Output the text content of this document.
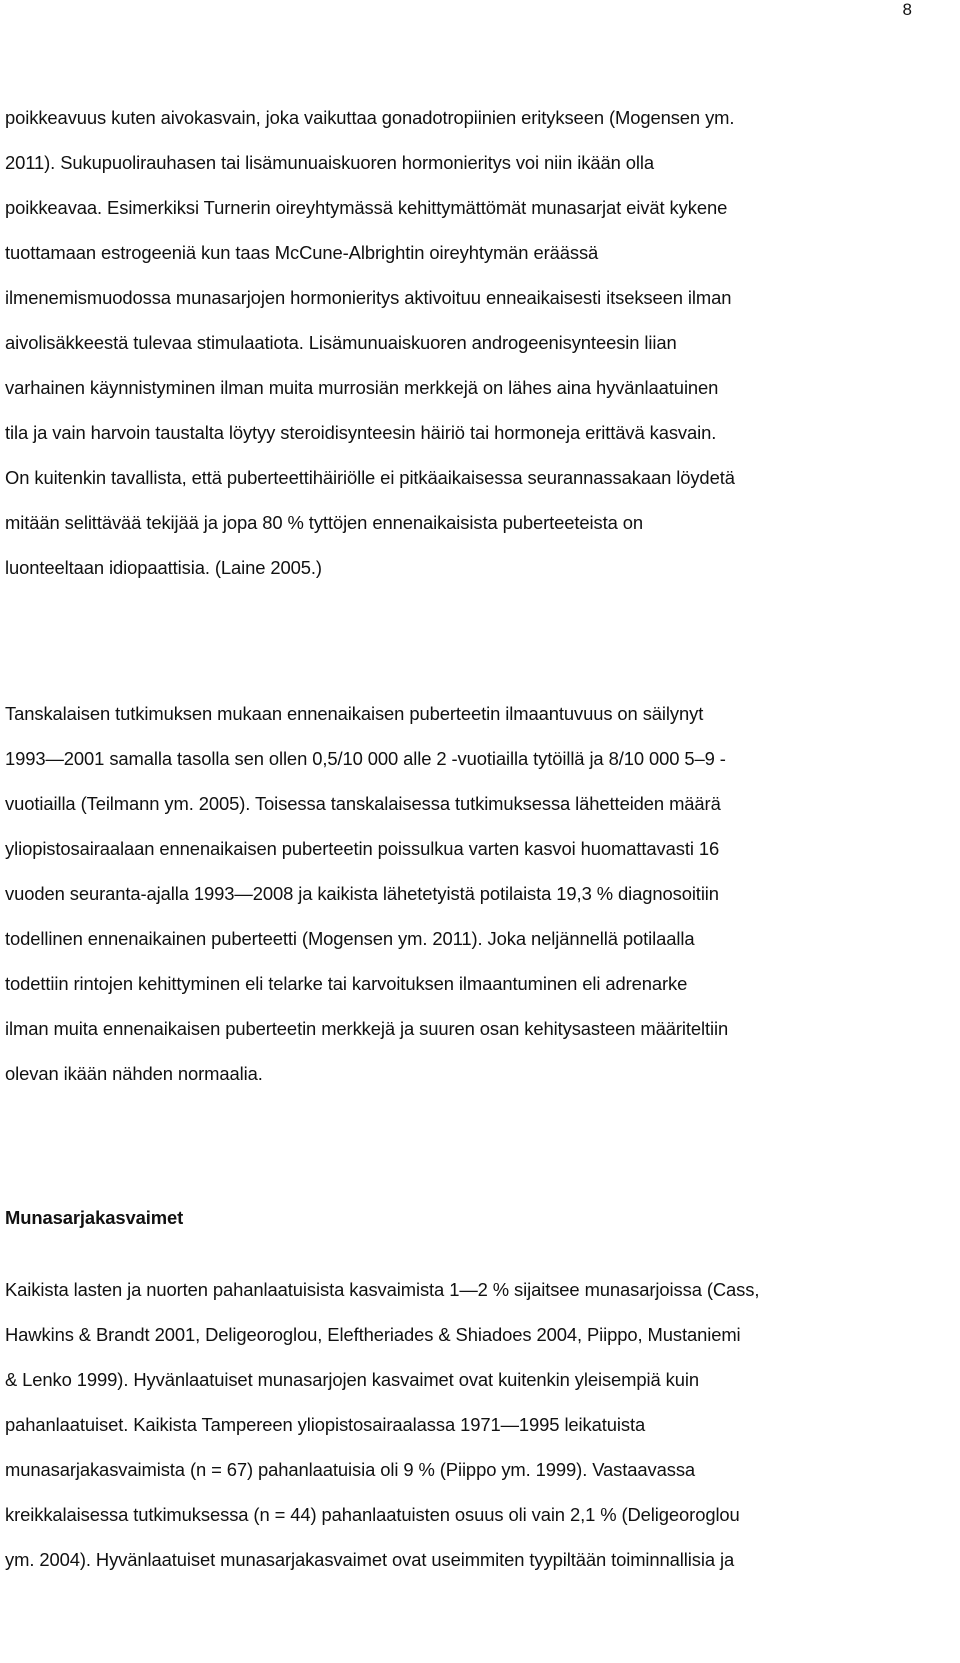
8
poikkeavuus kuten aivokasvain, joka vaikuttaa gonadotropiinien eritykseen (Mogensen ym.
2011). Sukupuolirauhasen tai lisämunuaiskuoren hormonieritys voi niin ikään olla
poikkeavaa. Esimerkiksi Turnerin oireyhtymässä kehittymättömät munasarjat eivät kykene
tuottamaan estrogeeniä kun taas McCune-Albrightin oireyhtymän eräässä
ilmenemismuodossa munasarjojen hormonieritys aktivoituu enneaikaisesti itsekseen ilman
aivolisäkkeestä tulevaa stimulaatiota. Lisämunuaiskuoren androgeenisynteesin liian
varhainen käynnistyminen ilman muita murrosiän merkkejä on lähes aina hyvänlaatuinen
tila ja vain harvoin taustalta löytyy steroidisynteesin häiriö tai hormoneja erittävä kasvain.
On kuitenkin tavallista, että puberteettihäiriölle ei pitkäaikaisessa seurannassakaan löydetä
mitään selittävää tekijää ja jopa 80 % tyttöjen ennenaikaisista puberteeteista on
luonteeltaan idiopaattisia. (Laine 2005.)
Tanskalaisen tutkimuksen mukaan ennenaikaisen puberteetin ilmaantuvuus on säilynyt
1993—2001 samalla tasolla sen ollen 0,5/10 000 alle 2 -vuotiailla tytöillä ja 8/10 000 5–9 -
vuotiailla (Teilmann ym. 2005). Toisessa tanskalaisessa tutkimuksessa lähetteiden määrä
yliopistosairaalaan ennenaikaisen puberteetin poissulkua varten kasvoi huomattavasti 16
vuoden seuranta-ajalla 1993—2008 ja kaikista lähetetyistä potilaista 19,3 % diagnosoitiin
todellinen ennenaikainen puberteetti (Mogensen ym. 2011). Joka neljännellä potilaalla
todettiin rintojen kehittyminen eli telarke tai karvoituksen ilmaantuminen eli adrenarke
ilman muita ennenaikaisen puberteetin merkkejä ja suuren osan kehitysasteen määriteltiin
olevan ikään nähden normaalia.
Munasarjakasvaimet
Kaikista lasten ja nuorten pahanlaatuisista kasvaimista 1—2 % sijaitsee munasarjoissa (Cass,
Hawkins & Brandt 2001, Deligeoroglou, Eleftheriades & Shiadoes 2004, Piippo, Mustaniemi
& Lenko 1999). Hyvänlaatuiset munasarjojen kasvaimet ovat kuitenkin yleisempiä kuin
pahanlaatuiset. Kaikista Tampereen yliopistosairaalassa 1971—1995 leikatuista
munasarjakasvaimista (n = 67) pahanlaatuisia oli 9 % (Piippo ym. 1999). Vastaavassa
kreikkalaisessa tutkimuksessa (n = 44) pahanlaatuisten osuus oli vain 2,1 % (Deligeoroglou
ym. 2004). Hyvänlaatuiset munasarjakasvaimet ovat useimmiten tyypiltään toiminnallisia ja
